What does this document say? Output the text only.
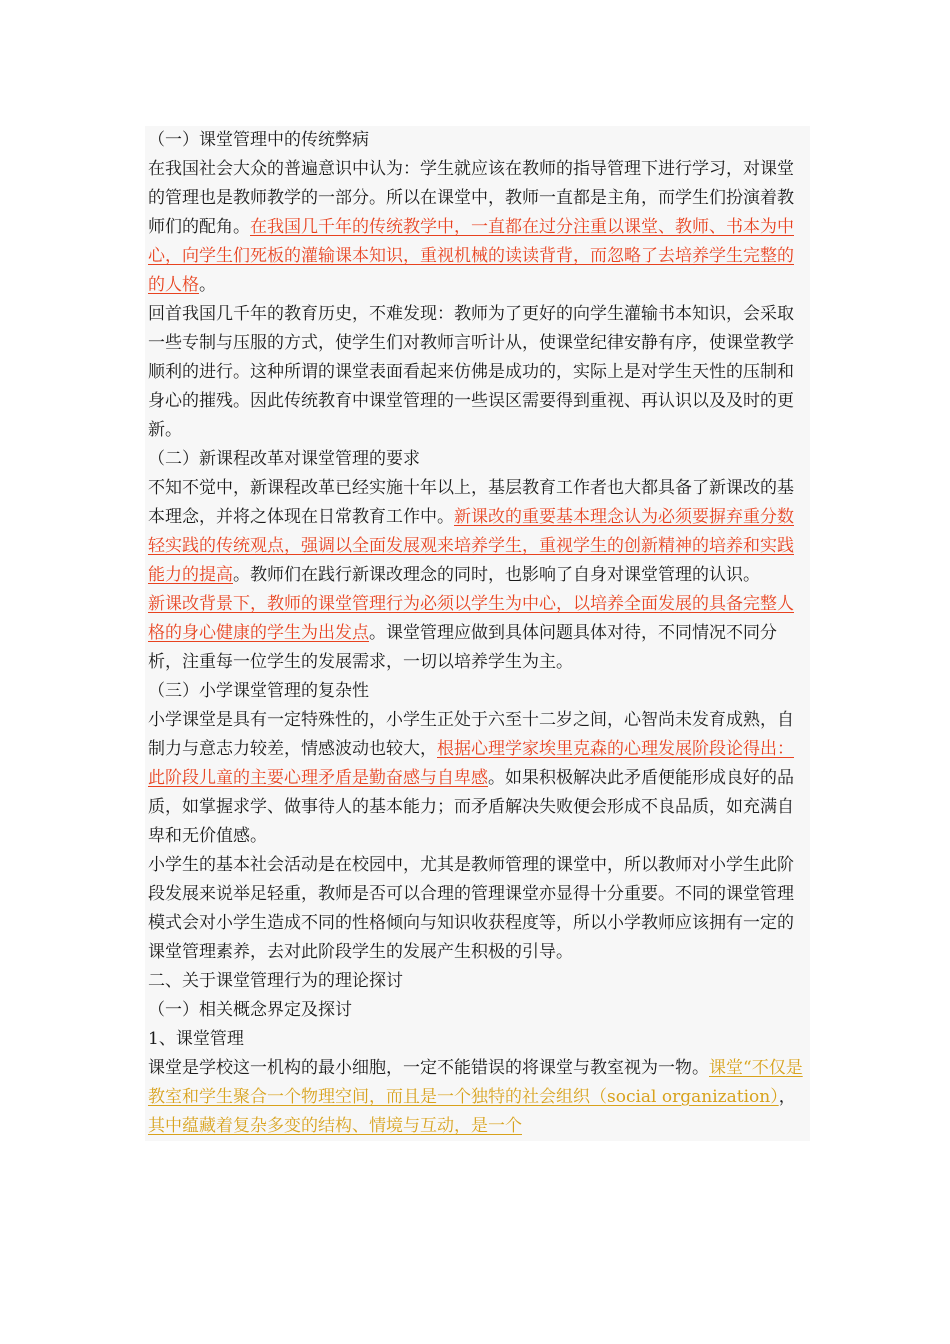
（一）课堂管理中的传统弊病

在我国社会大众的普遍意识中认为：学生就应该在教师的指导管理下进行学习，对课堂的管理也是教师教学的一部分。所以在课堂中，教师一直都是主角，而学生们扮演着教师们的配角。在我国几千年的传统教学中，一直都在过分注重以课堂、教师、书本为中心，向学生们死板的灌输课本知识，重视机械的读读背背，而忽略了去培养学生完整的的人格。

回首我国几千年的教育历史，不难发现：教师为了更好的向学生灌输书本知识，会采取一些专制与压服的方式，使学生们对教师言听计从，使课堂纪律安静有序，使课堂教学顺利的进行。这种所谓的课堂表面看起来仿佛是成功的，实际上是对学生天性的压制和身心的摧残。因此传统教育中课堂管理的一些误区需要得到重视、再认识以及及时的更新。

（二）新课程改革对课堂管理的要求

不知不觉中，新课程改革已经实施十年以上，基层教育工作者也大都具备了新课改的基本理念，并将之体现在日常教育工作中。新课改的重要基本理念认为必须要摒弃重分数轻实践的传统观点，强调以全面发展观来培养学生，重视学生的创新精神的培养和实践能力的提高。教师们在践行新课改理念的同时，也影响了自身对课堂管理的认识。

新课改背景下，教师的课堂管理行为必须以学生为中心，以培养全面发展的具备完整人格的身心健康的学生为出发点。课堂管理应做到具体问题具体对待，不同情况不同分析，注重每一位学生的发展需求，一切以培养学生为主。

（三）小学课堂管理的复杂性

小学课堂是具有一定特殊性的，小学生正处于六至十二岁之间，心智尚未发育成熟，自制力与意志力较差，情感波动也较大，根据心理学家埃里克森的心理发展阶段论得出：此阶段儿童的主要心理矛盾是勤奋感与自卑感。如果积极解决此矛盾便能形成良好的品质，如掌握求学、做事待人的基本能力；而矛盾解决失败便会形成不良品质，如充满自卑和无价值感。

小学生的基本社会活动是在校园中，尤其是教师管理的课堂中，所以教师对小学生此阶段发展来说举足轻重，教师是否可以合理的管理课堂亦显得十分重要。不同的课堂管理模式会对小学生造成不同的性格倾向与知识收获程度等，所以小学教师应该拥有一定的课堂管理素养，去对此阶段学生的发展产生积极的引导。

二、关于课堂管理行为的理论探讨

（一）相关概念界定及探讨

1、课堂管理

课堂是学校这一机构的最小细胞，一定不能错误的将课堂与教室视为一物。课堂“不仅是教室和学生聚合一个物理空间，而且是一个独特的社会组织（social organization），其中蕴藏着复杂多变的结构、情境与互动，是一个
